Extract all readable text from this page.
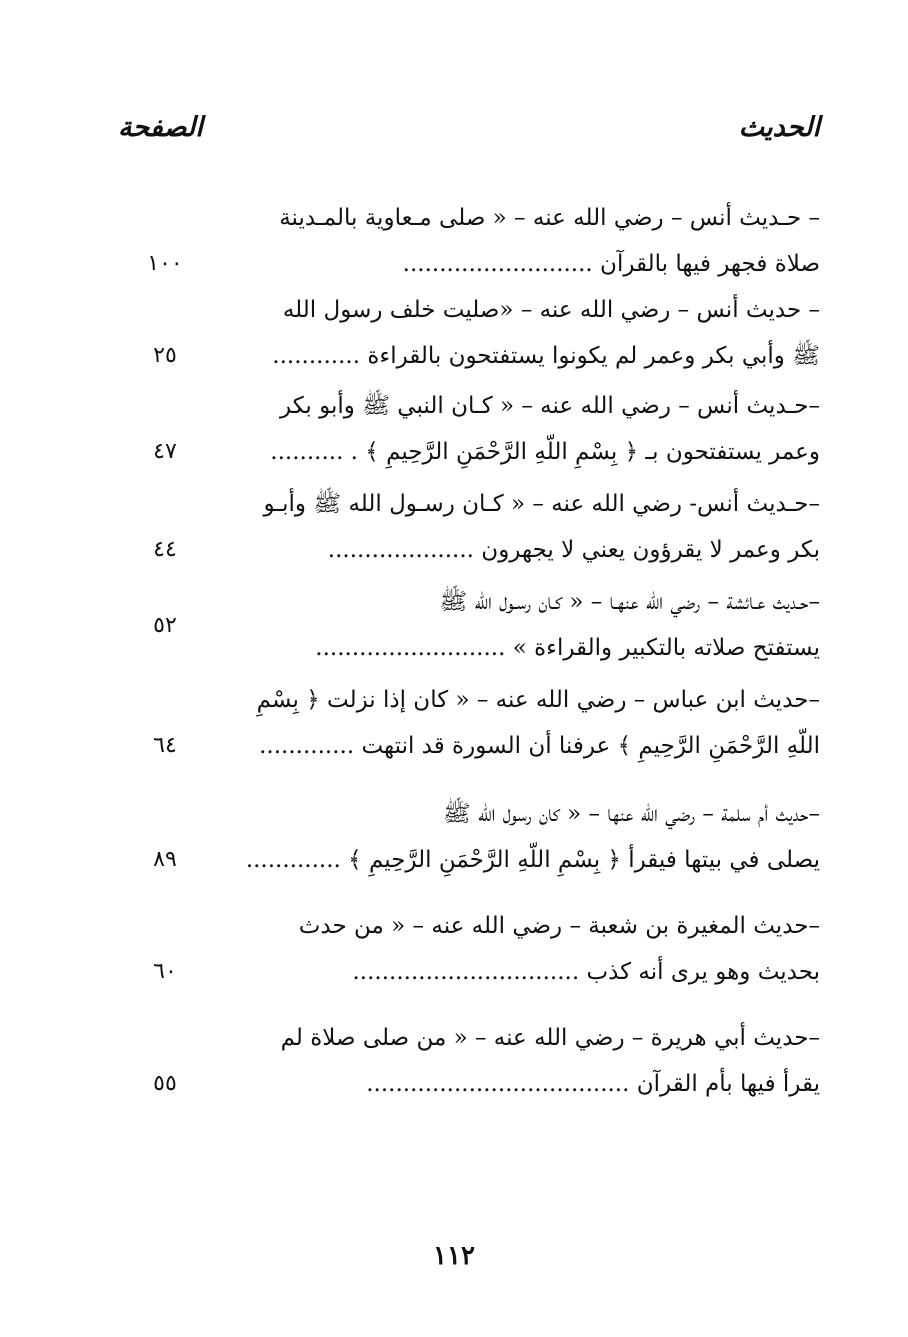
الحديث
الصفحة
– حـديث أنس – رضي الله عنه – « صلى مـعاوية بالمـدينة
صلاة فجهر فيها بالقرآن ..........................
١٠٠
– حديث أنس – رضي الله عنه – «صليت خلف رسول الله
ﷺ وأبي بكر وعمر لم يكونوا يستفتحون بالقراءة ............
٢٥
–حـديث أنس – رضي الله عنه – « كـان النبي ﷺ وأبو بكر
وعمر يستفتحون بـ ﴿ بِسْمِ اللَّهِ الرَّحْمَنِ الرَّحِيمِ ﴾ . ..........
٤٧
–حـديث أنس- رضي الله عنه – « كـان رسـول الله ﷺ وأبـو
بكر وعمر لا يقرؤون يعني لا يجهرون ....................
٤٤
–حـديث عـائشة – رضي الله عنهـا – « كـان رسـول الله ﷺ
يستفتح صلاته بالتكبير والقراءة » ..........................
٥٢
–حديث ابن عباس – رضي الله عنه – « كان إذا نزلت ﴿ بِسْمِ
اللَّهِ الرَّحْمَنِ الرَّحِيمِ ﴾ عرفنا أن السورة قد انتهت .............
٦٤
–حديث أم سلمة – رضي الله عنها – « كان رسول الله ﷺ
يصلى في بيتها فيقرأ ﴿ بِسْمِ اللَّهِ الرَّحْمَنِ الرَّحِيمِ ﴾ .............
٨٩
–حديث المغيرة بن شعبة – رضي الله عنه – « من حدث
بحديث وهو يرى أنه كذب ...............................
٦٠
–حديث أبي هريرة – رضي الله عنه – « من صلى صلاة لم
يقرأ فيها بأم القرآن ....................................
٥٥
١١٢
